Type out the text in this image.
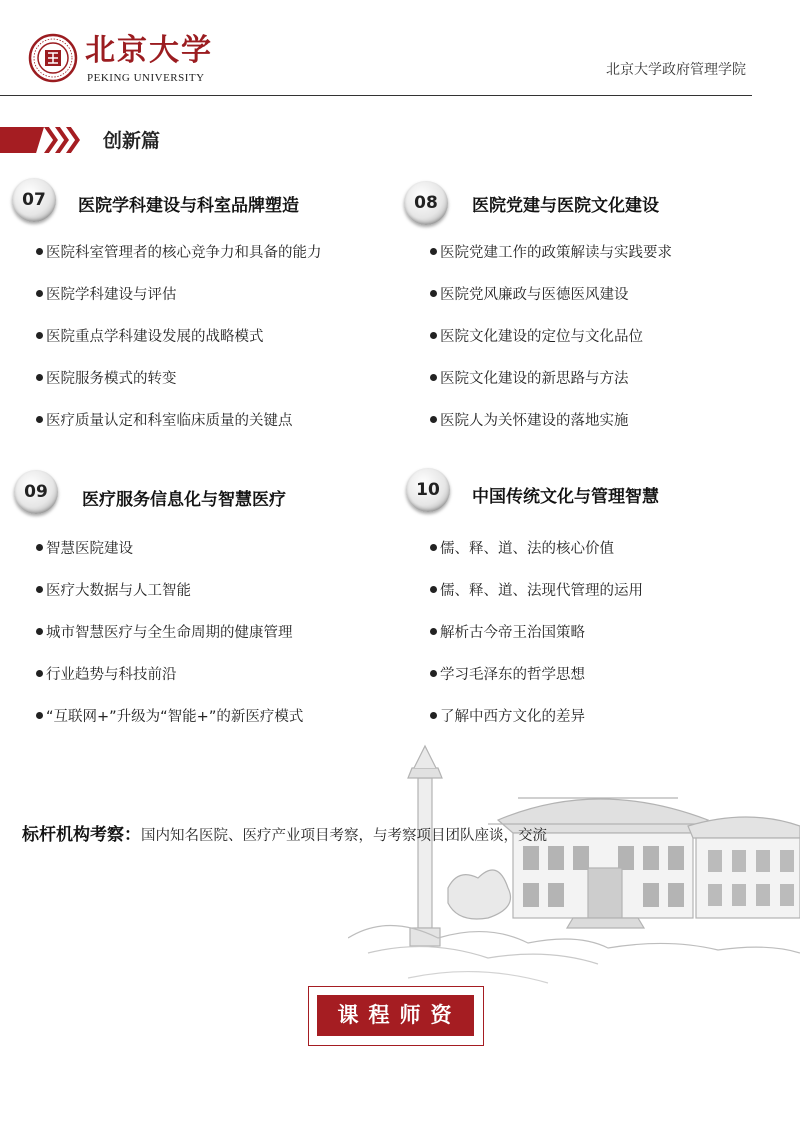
北京大学
PEKING UNIVERSITY	北京大学政府管理学院
创新篇
07	医院学科建设与科室品牌塑造
医院科室管理者的核心竞争力和具备的能力
医院学科建设与评估
医院重点学科建设发展的战略模式
医院服务模式的转变
医疗质量认定和科室临床质量的关键点
08	医院党建与医院文化建设
医院党建工作的政策解读与实践要求
医院党风廉政与医德医风建设
医院文化建设的定位与文化品位
医院文化建设的新思路与方法
医院人为关怀建设的落地实施
09	医疗服务信息化与智慧医疗
智慧医院建设
医疗大数据与人工智能
城市智慧医疗与全生命周期的健康管理
行业趋势与科技前沿
“互联网+”升级为“智能+”的新医疗模式
10	中国传统文化与管理智慧
儒、释、道、法的核心价值
儒、释、道、法现代管理的运用
解析古今帝王治国策略
学习毛泽东的哲学思想
了解中西方文化的差异
标杆机构考察：国内知名医院、医疗产业项目考察，与考察项目团队座谈，交流
课程师资
